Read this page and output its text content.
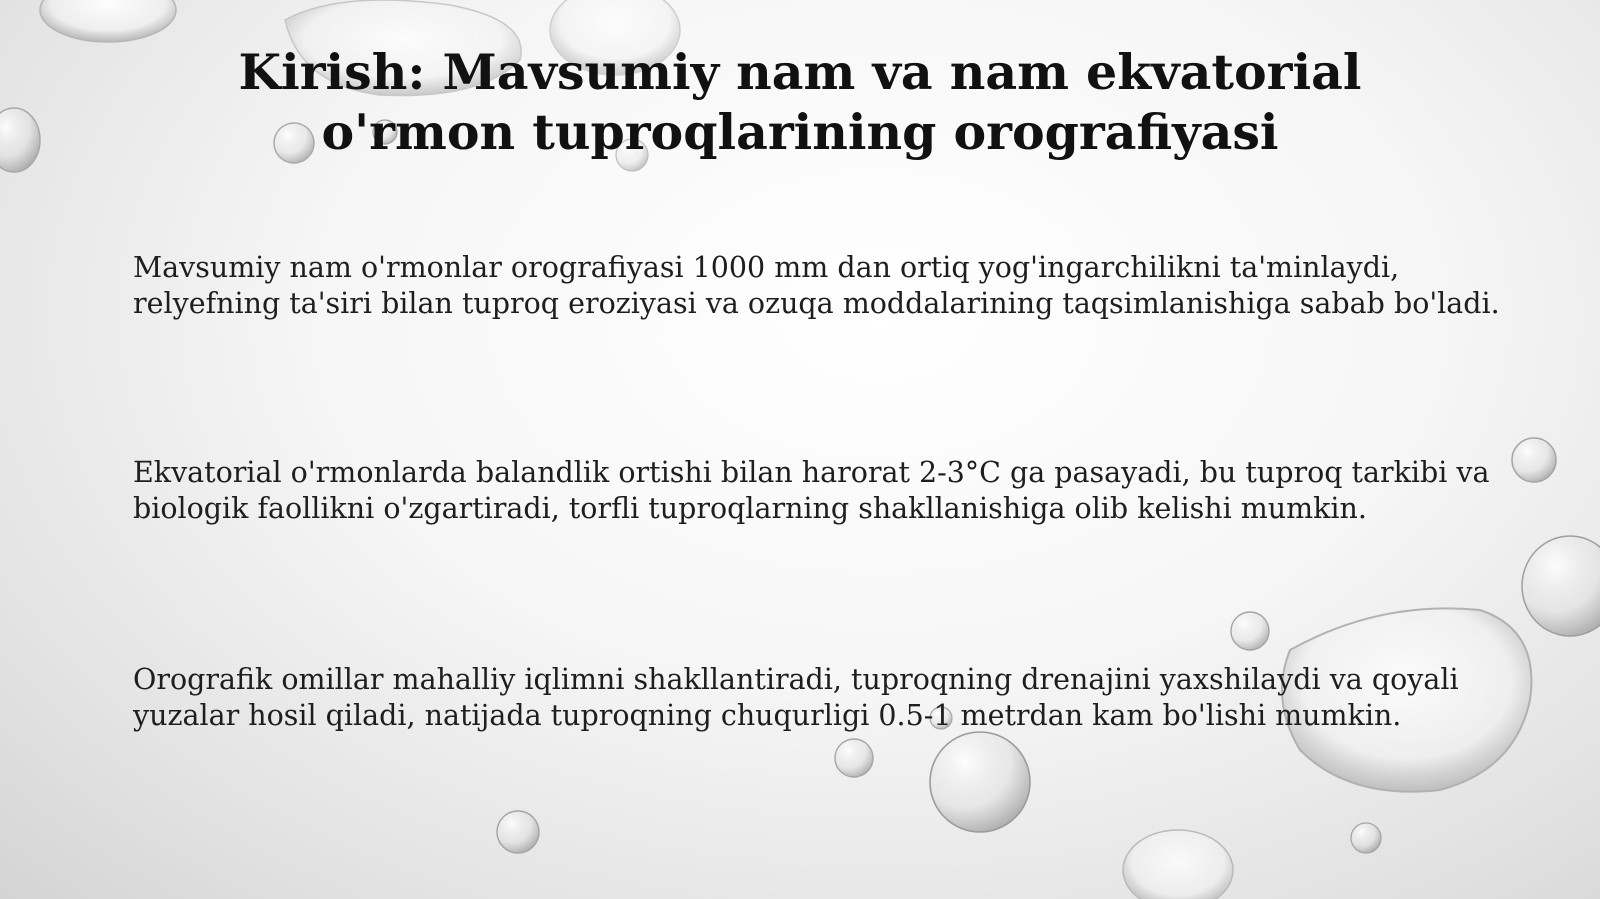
Kirish: Mavsumiy nam va nam ekvatorial o'rmon tuproqlarining orografiyasi

Mavsumiy nam o'rmonlar orografiyasi 1000 mm dan ortiq yog'ingarchilikni ta'minlaydi, relyefning ta'siri bilan tuproq eroziyasi va ozuqa moddalarining taqsimlanishiga sabab bo'ladi.

Ekvatorial o'rmonlarda balandlik ortishi bilan harorat 2-3°C ga pasayadi, bu tuproq tarkibi va biologik faollikni o'zgartiradi, torfli tuproqlarning shakllanishiga olib kelishi mumkin.

Orografik omillar mahalliy iqlimni shakllantiradi, tuproqning drenajini yaxshilaydi va qoyali yuzalar hosil qiladi, natijada tuproqning chuqurligi 0.5-1 metrdan kam bo'lishi mumkin.
